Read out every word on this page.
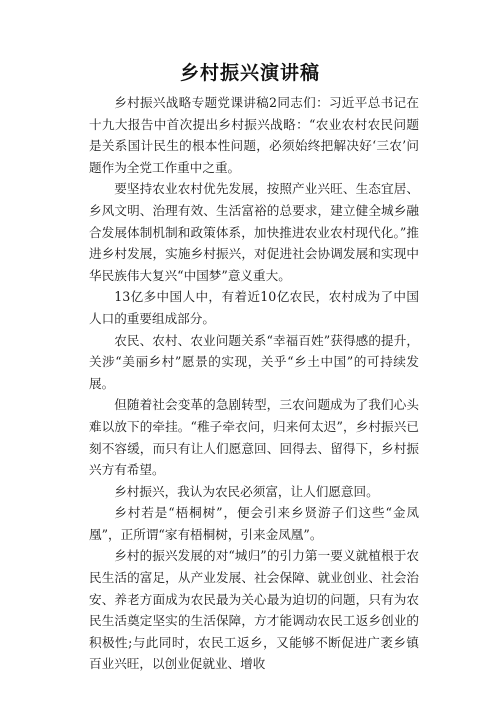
乡村振兴演讲稿

乡村振兴战略专题党课讲稿2同志们：习近平总书记在十九大报告中首次提出乡村振兴战略：“农业农村农民问题是关系国计民生的根本性问题，必须始终把解决好‘三农’问题作为全党工作重中之重。

要坚持农业农村优先发展，按照产业兴旺、生态宜居、乡风文明、治理有效、生活富裕的总要求，建立健全城乡融合发展体制机制和政策体系，加快推进农业农村现代化。”推进乡村发展，实施乡村振兴，对促进社会协调发展和实现中华民族伟大复兴“中国梦”意义重大。

13亿多中国人中，有着近10亿农民，农村成为了中国人口的重要组成部分。

农民、农村、农业问题关系“幸福百姓”获得感的提升，关涉“美丽乡村”愿景的实现，关乎“乡土中国”的可持续发展。

但随着社会变革的急剧转型，三农问题成为了我们心头难以放下的牵挂。“稚子牵衣问，归来何太迟”，乡村振兴已刻不容缓，而只有让人们愿意回、回得去、留得下，乡村振兴方有希望。

乡村振兴，我认为农民必须富，让人们愿意回。

乡村若是“梧桐树”，便会引来乡贤游子们这些“金凤凰”，正所谓“家有梧桐树，引来金凤凰”。

乡村的振兴发展的对“城归”的引力第一要义就植根于农民生活的富足，从产业发展、社会保障、就业创业、社会治安、养老方面成为农民最为关心最为迫切的问题，只有为农民生活奠定坚实的生活保障，方才能调动农民工返乡创业的积极性;与此同时，农民工返乡，又能够不断促进广袤乡镇百业兴旺，以创业促就业、增收
